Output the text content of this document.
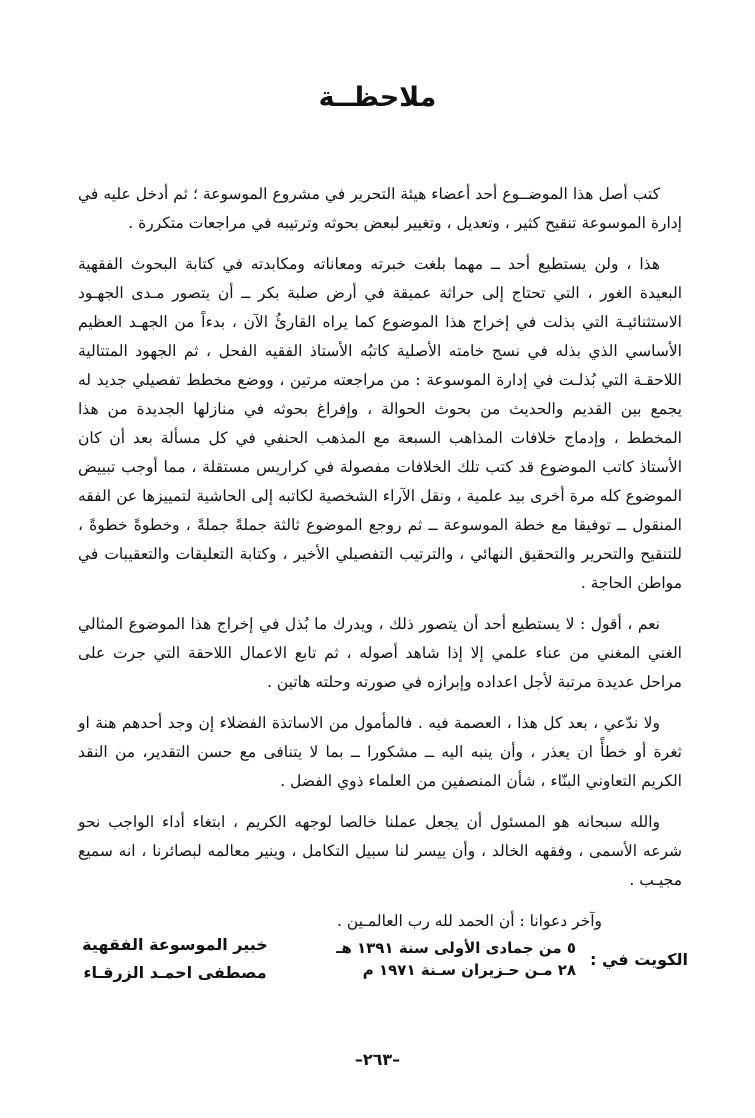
ملاحظــة

كتب أصل هذا الموضــوع أحد أعضاء هيئة التحرير في مشروع الموسوعة ؛ ثم أدخل عليه في إدارة الموسوعة تنقيح كثير ، وتعديل ، وتغيير لبعض بحوثه وترتيبه في مراجعات متكررة .

هذا ، ولن يستطيع أحد ــ مهما بلغت خبرته ومعاناته ومكابدته في كتابة البحوث الفقهية البعيدة الغور ، التي تحتاج إلى حراثة عميقة في أرض صلبة بكر ــ أن يتصور مـدى الجهـود الاستثنائيـة التي بذلت في إخراج هذا الموضوع كما يراه القارئُ الآن ، بدءاً من الجهـد العظيم الأساسي الذي بذله في نسج خامته الأصلية كاتبُه الأستاذ الفقيه الفحل ، ثم الجهود المتتالية اللاحقـة التي بُذلـت في إدارة الموسوعة : من مراجعته مرتين ، ووضع مخطط تفصيلي جديد له يجمع بين القديم والحديث من بحوث الحوالة ، وإفراغ بحوثه في منازلها الجديدة من هذا المخطط ، وإدماج خلافات المذاهب السبعة مع المذهب الحنفي في كل مسألة بعد أن كان الأستاذ كاتب الموضوع قد كتب تلك الخلافات مفصولة في كراريس مستقلة ، مما أوجب تبييض الموضوع كله مرة أخرى بيد علمية ، ونقل الآراء الشخصية لكاتبه إلى الحاشية لتمييزها عن الفقه المنقول ــ توفيقا مع خطة الموسوعة ــ ثم روجع الموضوع ثالثة جملةً جملةً ، وخطوةً خطوةً ، للتنقيح والتحرير والتحقيق النهائي ، والترتيب التفصيلي الأخير ، وكتابة التعليقات والتعقيبات في مواطن الحاجة .

نعم ، أقول : لا يستطيع أحد أن يتصور ذلك ، ويدرك ما بُذل في إخراج هذا الموضوع المثالي الغني المغني من عناء علمي إلا إذا شاهد أصوله ، ثم تابع الاعمال اللاحقة التي جرت على مراحل عديدة مرتبة لأجل اعداده وإبرازه في صورته وحلته هاتين .

ولا ندّعي ، بعد كل هذا ، العصمة فيه . فالمأمول من الاساتذة الفضلاء إن وجد أحدهم هنة او ثغرة أو خطأً ان يعذر ، وأن ينبه اليه ــ مشكورا ــ بما لا يتنافى مع حسن التقدير، من النقد الكريم التعاوني البنّاء ، شأن المنصفين من العلماء ذوي الفضل .

والله سبحانه هو المسئول أن يجعل عملنا خالصا لوجهه الكريم ، ابتغاء أداء الواجب نحو شرعه الأسمى ، وفقهه الخالد ، وأن ييسر لنا سبيل التكامل ، وينير معالمه لبصائرنا ، انه سميع مجيـب .

وآخر دعوانا : أن الحمد لله رب العالمـين .

الكويت في :
٥ من جمادى الأولى سنة ١٣٩١ هـ
٢٨ مـن حـزيران سـنة ١٩٧١ م
خبير الموسوعة الفقهية
مصطفى احمـد الزرقـاء
–٢٦٣–
